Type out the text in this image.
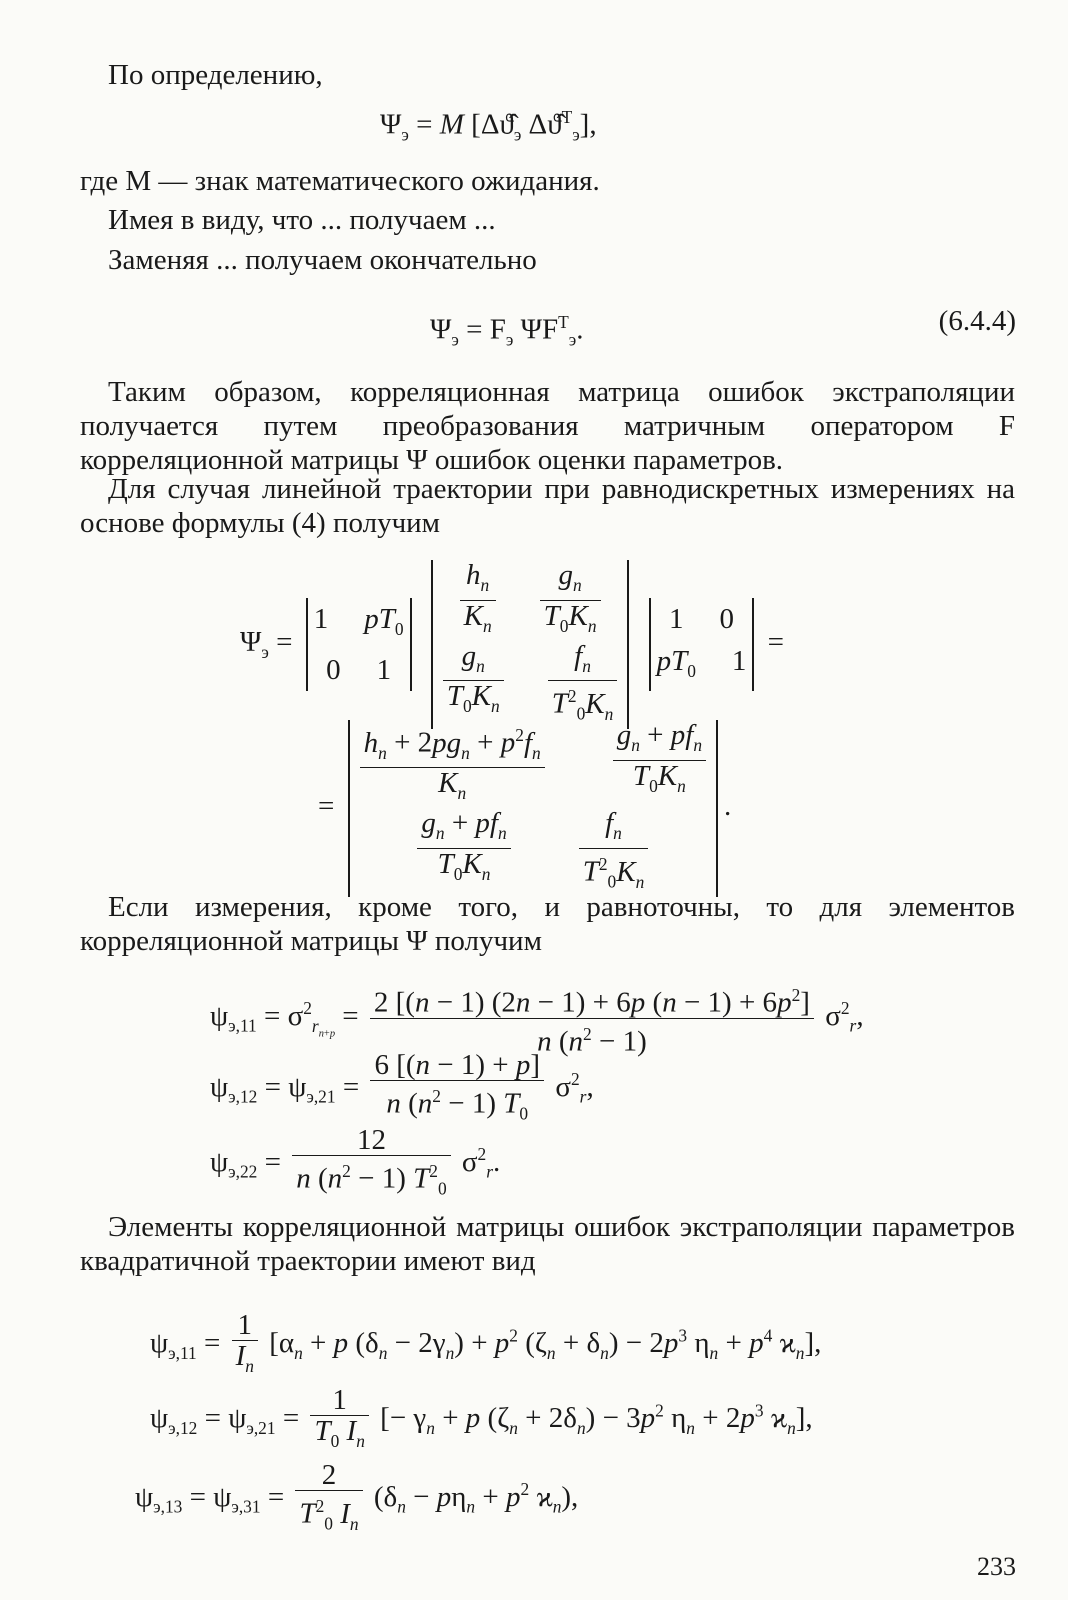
По определению,
$\Psi_э = M$ [$\Delta ϑ̂_э$ Δϑ̂$^T_э$],
где M — знак математического ожидания.
Имея в виду, что ... получаем ...
Заменяя ... получаем окончательно
$\Psi_э = F_э$ $\Psi F^T_э$.	(6.4.4)
Таким образом, корреляционная матрица ошибок экстраполяции получается путем преобразования матричным оператором F корреляционной матрицы Ψ ошибок оценки параметров.
Для случая линейной траектории при равнодискретных измерениях на основе формулы (4) получим
$\Psi_э$ =
1 $pT_0$
0 1

$\frac{h_n}{K_n} \frac{g_n}{T_0K_n}$
$\frac{g_n}{T_0K_n} \frac{f_n}{T^2_0K_n}$

1 0
$pT_0$ 1
=
= $\frac{h_n + 2pg_n + p^2f_n}{K_n} \frac{g_n + pf_n}{T_0K_n}$
$\frac{g_n + pf_n}{T_0K_n} \frac{f_n}{T^2_0K_n}$
.
Если измерения, кроме того, и равноточны, то для элементов корреляционной матрицы Ψ получим
$\psi_{э,11} = \sigma^2_{r_{n+p}} = \frac{2 [(n - 1) (2n - 1) + 6p (n - 1) + 6p^2]}{n (n^2 - 1)} \sigma^2_r$,
$\psi_{э,12} = \psi_{э,21} = \frac{6 [(n - 1) + p]}{n (n^2 - 1) T_0} \sigma^2_r$,
$\psi_{э,22} = \frac{12}{n (n^2 - 1) T^2_0} \sigma^2_r$.
Элементы корреляционной матрицы ошибок экстраполяции параметров квадратичной траектории имеют вид
$\psi_{э,11} = \frac{1}{I_n} [\alpha_n + p$ $(\delta_n - 2\gamma_n) + p^2$ $(\zeta_n + \delta_n) - 2p^3$ $\eta_n + p^4$ $ϰ_n$],
$\psi_{э,12} = \psi_{э,21} = \frac{1}{T_0 I_n}$ [− $\gamma_n + p$ $(\zeta_n + 2\delta_n) - 3p^2$ $\eta_n + 2p^3$ $ϰ_n$],
$\psi_{э,13} = \psi_{э,31} = \frac{2}{T^2_0 I_n} (\delta_n - p\eta_n + p^2$ $ϰ_n$),
233
